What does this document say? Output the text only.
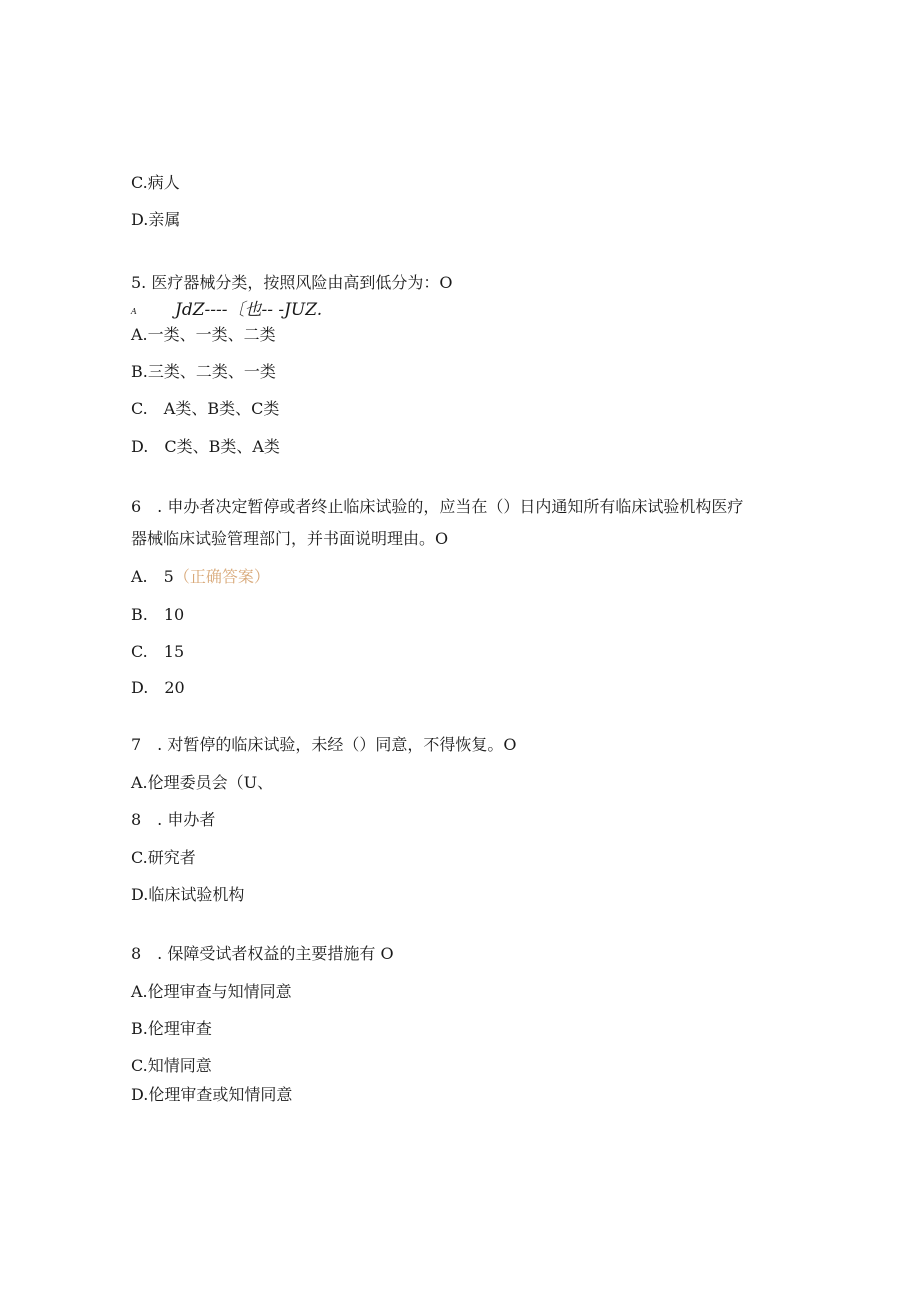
C.病人
D.亲属
5. 医疗器械分类，按照风险由高到低分为：O
A JdZ----〔也-- -JUZ.
A.一类、一类、二类
B.三类、二类、一类
C.　A类、B类、C类
D.　C类、B类、A类
6　. 申办者决定暂停或者终止临床试验的，应当在（）日内通知所有临床试验机构医疗
器械临床试验管理部门，并书面说明理由。O
A.　5（正确答案）
B.　10
C.　15
D.　20
7　. 对暂停的临床试验，未经（）同意，不得恢复。O
A.伦理委员会（U、
8　. 申办者
C.研究者
D.临床试验机构
8　. 保障受试者权益的主要措施有 O
A.伦理审查与知情同意
B.伦理审查
C.知情同意
D.伦理审查或知情同意
